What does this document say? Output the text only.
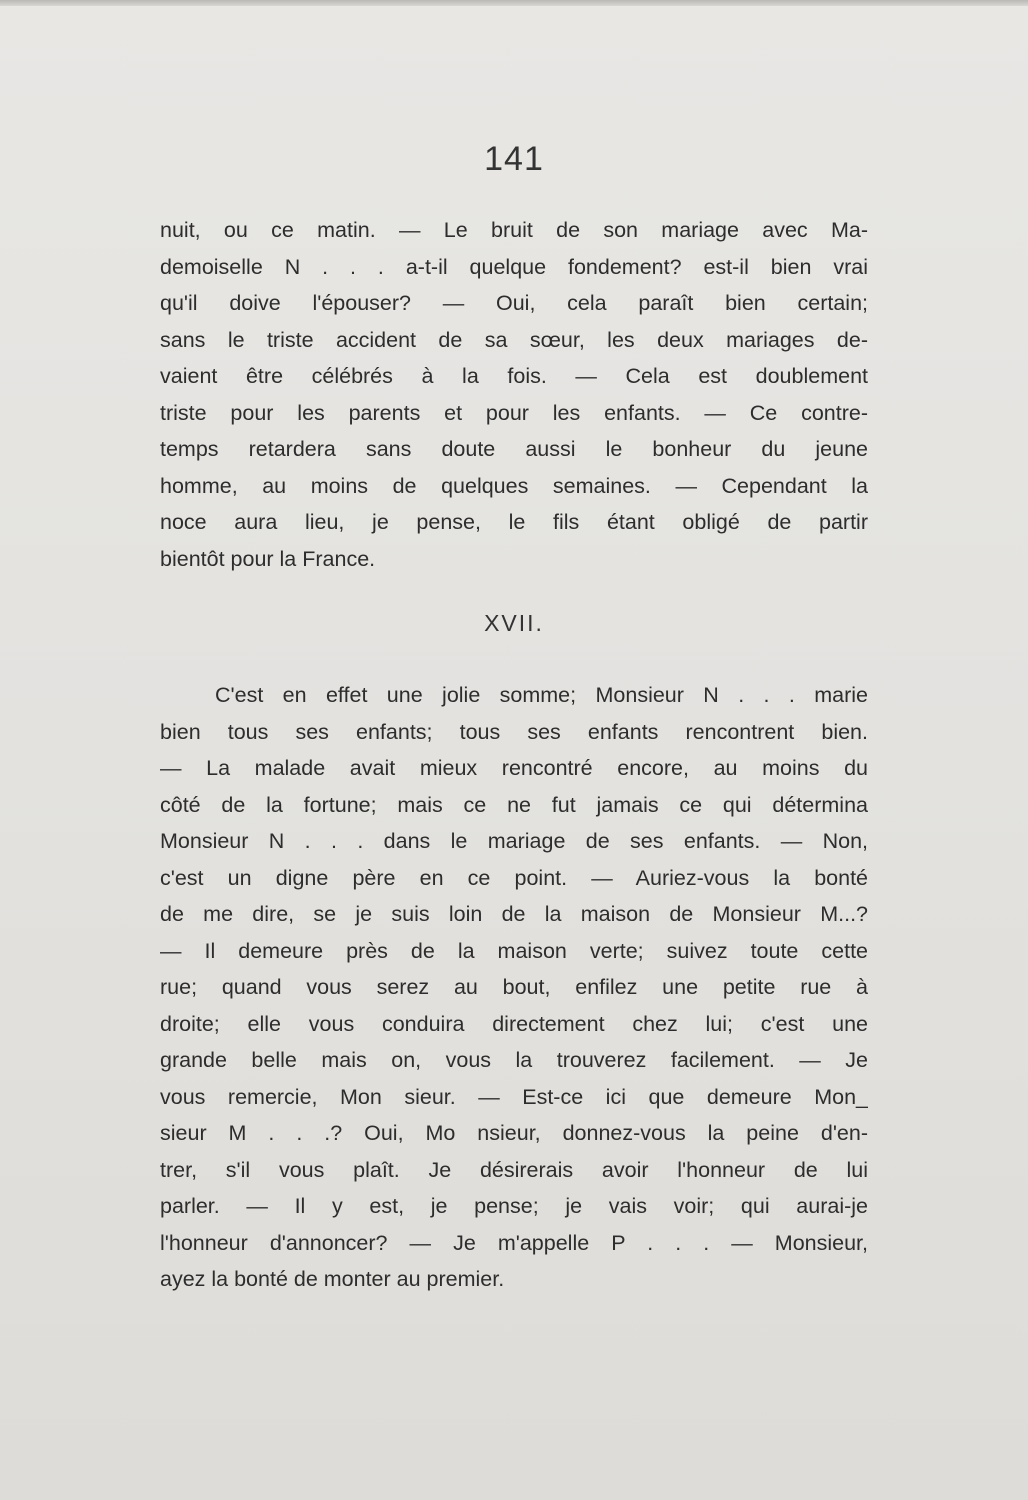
141
nuit, ou ce matin. — Le bruit de son mariage avec Ma-
demoiselle N . . . a-t-il quelque fondement? est-il bien vrai
qu'il doive l'épouser? — Oui, cela paraît bien certain;
sans le triste accident de sa sœur, les deux mariages de-
vaient être célébrés à la fois. — Cela est doublement
triste pour les parents et pour les enfants. — Ce contre-
temps retardera sans doute aussi le bonheur du jeune
homme, au moins de quelques semaines. — Cependant la
noce aura lieu, je pense, le fils étant obligé de partir
bientôt pour la France.
XVII.
C'est en effet une jolie somme; Monsieur N . . . marie
bien tous ses enfants; tous ses enfants rencontrent bien.
— La malade avait mieux rencontré encore, au moins du
côté de la fortune; mais ce ne fut jamais ce qui détermina
Monsieur N . . . dans le mariage de ses enfants. — Non,
c'est un digne père en ce point. — Auriez-vous la bonté
de me dire, se je suis loin de la maison de Monsieur M...?
— Il demeure près de la maison verte; suivez toute cette
rue; quand vous serez au bout, enfilez une petite rue à
droite; elle vous conduira directement chez lui; c'est une
grande belle mais on, vous la trouverez facilement. — Je
vous remercie, Mon sieur. — Est-ce ici que demeure Mon_
sieur M . . .? Oui, Mo nsieur, donnez-vous la peine d'en-
trer, s'il vous plaît. Je désirerais avoir l'honneur de lui
parler. — Il y est, je pense; je vais voir; qui aurai-je
l'honneur d'annoncer? — Je m'appelle P . . . — Monsieur,
ayez la bonté de monter au premier.
